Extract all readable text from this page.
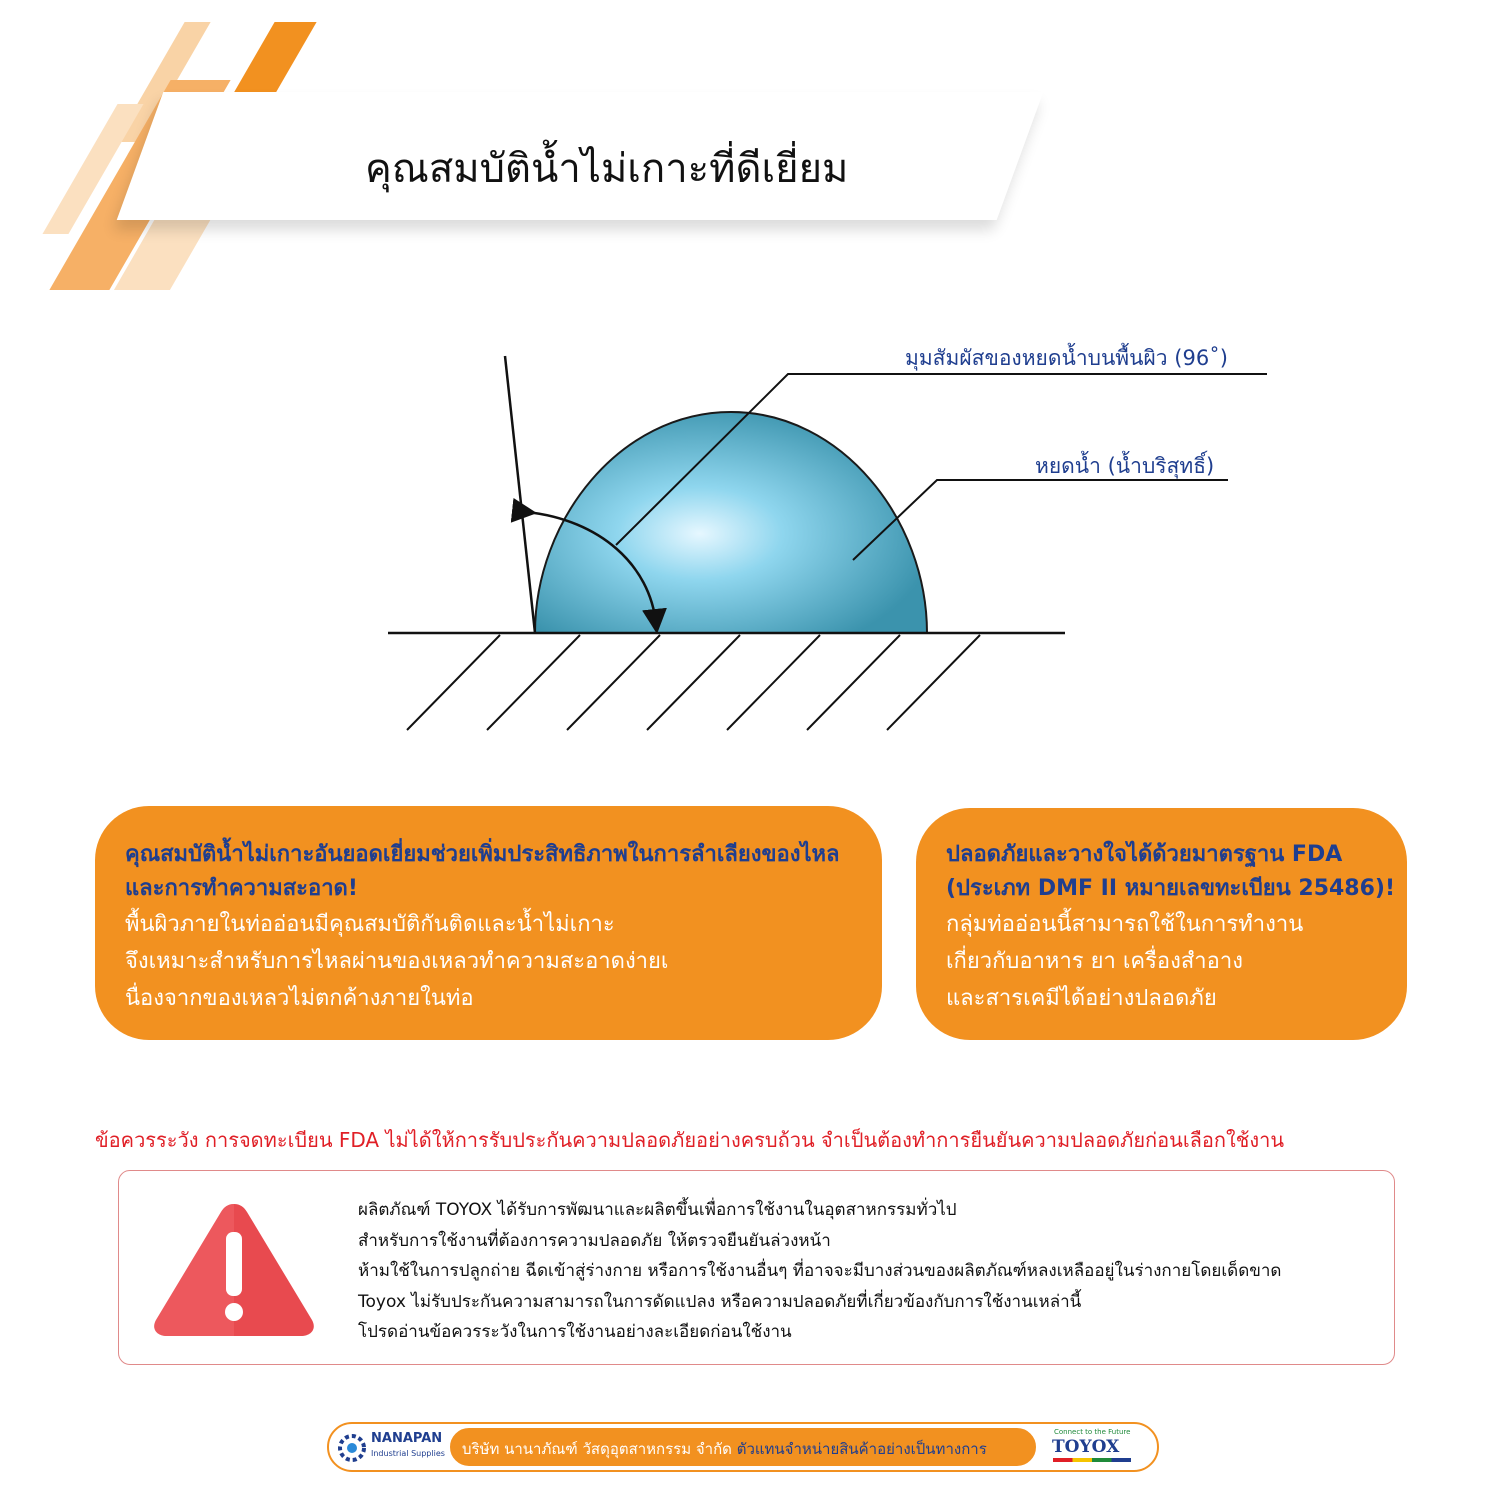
คุณสมบัติน้ำไม่เกาะที่ดีเยี่ยม
มุมสัมผัสของหยดน้ำบนพื้นผิว (96˚)
หยดน้ำ (น้ำบริสุทธิ์)
คุณสมบัติน้ำไม่เกาะอันยอดเยี่ยมช่วยเพิ่มประสิทธิภาพในการลำเลียงของไหล
และการทำความสะอาด!
พื้นผิวภายในท่ออ่อนมีคุณสมบัติกันติดและน้ำไม่เกาะ
จึงเหมาะสำหรับการไหลผ่านของเหลวทำความสะอาดง่ายเ
นื่องจากของเหลวไม่ตกค้างภายในท่อ
ปลอดภัยและวางใจได้ด้วยมาตรฐาน FDA
(ประเภท DMF II หมายเลขทะเบียน 25486)!
กลุ่มท่ออ่อนนี้สามารถใช้ในการทำงาน
เกี่ยวกับอาหาร ยา เครื่องสำอาง
และสารเคมีได้อย่างปลอดภัย
ข้อควรระวัง การจดทะเบียน FDA ไม่ได้ให้การรับประกันความปลอดภัยอย่างครบถ้วน จำเป็นต้องทำการยืนยันความปลอดภัยก่อนเลือกใช้งาน
ผลิตภัณฑ์ TOYOX ได้รับการพัฒนาและผลิตขึ้นเพื่อการใช้งานในอุตสาหกรรมทั่วไป
สำหรับการใช้งานที่ต้องการความปลอดภัย ให้ตรวจยืนยันล่วงหน้า
ห้ามใช้ในการปลูกถ่าย ฉีดเข้าสู่ร่างกาย หรือการใช้งานอื่นๆ ที่อาจจะมีบางส่วนของผลิตภัณฑ์หลงเหลืออยู่ในร่างกายโดยเด็ดขาด
Toyox ไม่รับประกันความสามารถในการดัดแปลง หรือความปลอดภัยที่เกี่ยวข้องกับการใช้งานเหล่านี้
โปรดอ่านข้อควรระวังในการใช้งานอย่างละเอียดก่อนใช้งาน
NANAPAN
Industrial Supplies บริษัท นานาภัณฑ์ วัสดุอุตสาหกรรม จำกัด ตัวแทนจำหน่ายสินค้าอย่างเป็นทางการ
Connect to the Future
TOYOX
